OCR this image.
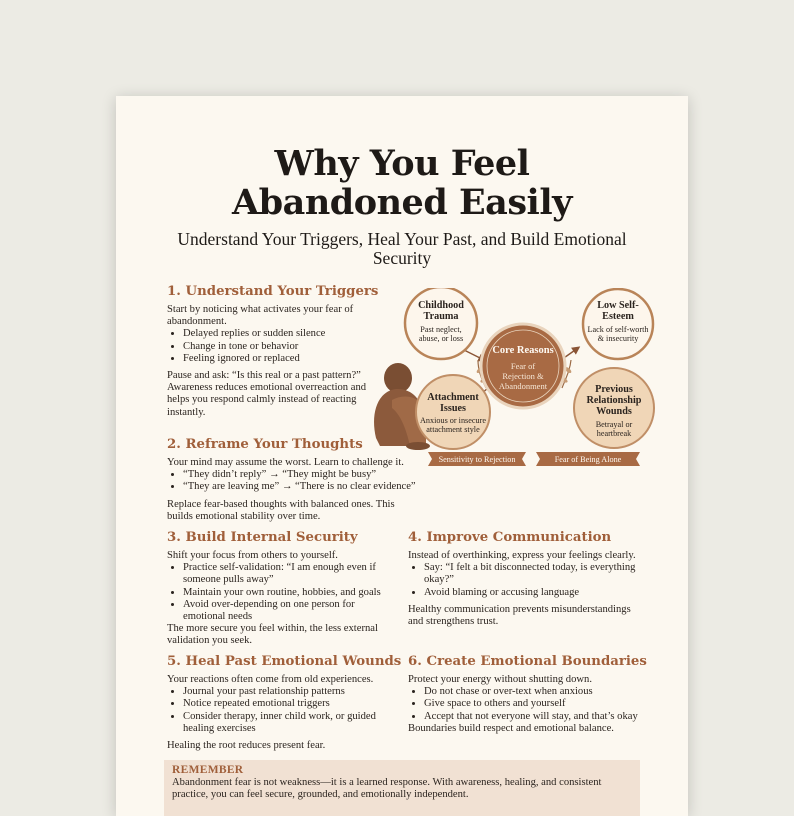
Why You Feel
Abandoned Easily
Understand Your Triggers, Heal Your Past, and Build Emotional Security
1. Understand Your Triggers

Start by noticing what activates your fear of abandonment.

• Delayed replies or sudden silence
• Change in tone or behavior
• Feeling ignored or replaced

Pause and ask: “Is this real or a past pattern?”

Awareness reduces emotional overreaction and helps you respond calmly instead of reacting instantly.

2. Reframe Your Thoughts

Your mind may assume the worst. Learn to challenge it.

• “They didn’t reply” → “They might be busy”
• “They are leaving me” → “There is no clear evidence”

Replace fear-based thoughts with balanced ones. This builds emotional stability over time.

3. Build Internal Security

Shift your focus from others to yourself.

• Practice self-validation: “I am enough even if someone pulls away”
• Maintain your own routine, hobbies, and goals
• Avoid over-depending on one person for emotional needs

The more secure you feel within, the less external validation you seek.

4. Improve Communication

Instead of overthinking, express your feelings clearly.

• Say: “I felt a bit disconnected today, is everything okay?”
• Avoid blaming or accusing language

Healthy communication prevents misunderstandings and strengthens trust.

5. Heal Past Emotional Wounds

Your reactions often come from old experiences.

• Journal your past relationship patterns
• Notice repeated emotional triggers
• Consider therapy, inner child work, or guided healing exercises

Healing the root reduces present fear.

6. Create Emotional Boundaries

Protect your energy without shutting down.

• Do not chase or over-text when anxious
• Give space to others and yourself
• Accept that not everyone will stay, and that’s okay

Boundaries build respect and emotional balance.

REMEMBER
Abandonment fear is not weakness—it is a learned response. With awareness, healing, and consistent practice, you can feel secure, grounded, and emotionally independent.
Core Reasons
Fear of
Rejection &
Abandonment
Childhood
Trauma
Past neglect,
abuse, or loss
Low Self-
Esteem
Lack of self-worth
& insecurity
Attachment
Issues
Anxious or insecure
attachment style
Previous
Relationship
Wounds
Betrayal or
heartbreak
Sensitivity to Rejection	Fear of Being Alone
